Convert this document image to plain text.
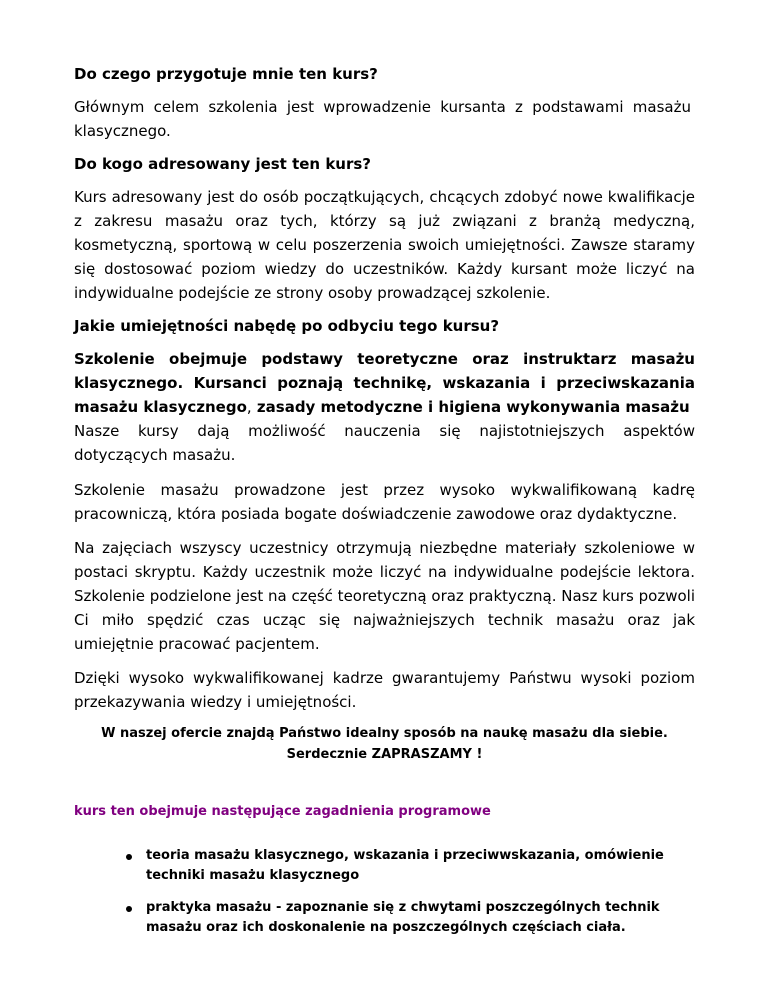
Do czego przygotuje mnie ten kurs?

Głównym celem szkolenia jest wprowadzenie kursanta z podstawami masażu klasycznego.

Do kogo adresowany jest ten kurs?

Kurs adresowany jest do osób początkujących, chcących zdobyć nowe kwalifikacje z zakresu masażu oraz tych, którzy są już związani z branżą medyczną, kosmetyczną, sportową w celu poszerzenia swoich umiejętności. Zawsze staramy się dostosować poziom wiedzy do uczestników. Każdy kursant może liczyć na indywidualne podejście ze strony osoby prowadzącej szkolenie.

Jakie umiejętności nabędę po odbyciu tego kursu?

Szkolenie obejmuje podstawy teoretyczne oraz instruktarz masażu klasycznego. Kursanci poznają technikę, wskazania i przeciwskazania masażu klasycznego, zasady metodyczne i higiena wykonywania masażu

Nasze kursy dają możliwość nauczenia się najistotniejszych aspektów dotyczących masażu.

Szkolenie masażu prowadzone jest przez wysoko wykwalifikowaną kadrę pracowniczą, która posiada bogate doświadczenie zawodowe oraz dydaktyczne.

Na zajęciach wszyscy uczestnicy otrzymują niezbędne materiały szkoleniowe w postaci skryptu. Każdy uczestnik może liczyć na indywidualne podejście lektora. Szkolenie podzielone jest na część teoretyczną oraz praktyczną. Nasz kurs pozwoli Ci miło spędzić czas ucząc się najważniejszych technik masażu oraz jak umiejętnie pracować pacjentem.

Dzięki wysoko wykwalifikowanej kadrze gwarantujemy Państwu wysoki poziom przekazywania wiedzy i umiejętności.

W naszej ofercie znajdą Państwo idealny sposób na naukę masażu dla siebie.

Serdecznie ZAPRASZAMY !

kurs ten obejmuje następujące zagadnienia programowe

teoria masażu klasycznego, wskazania i przeciwwskazania, omówienie techniki masażu klasycznego
praktyka masażu - zapoznanie się z chwytami poszczególnych technik masażu oraz ich doskonalenie na poszczególnych częściach ciała.
